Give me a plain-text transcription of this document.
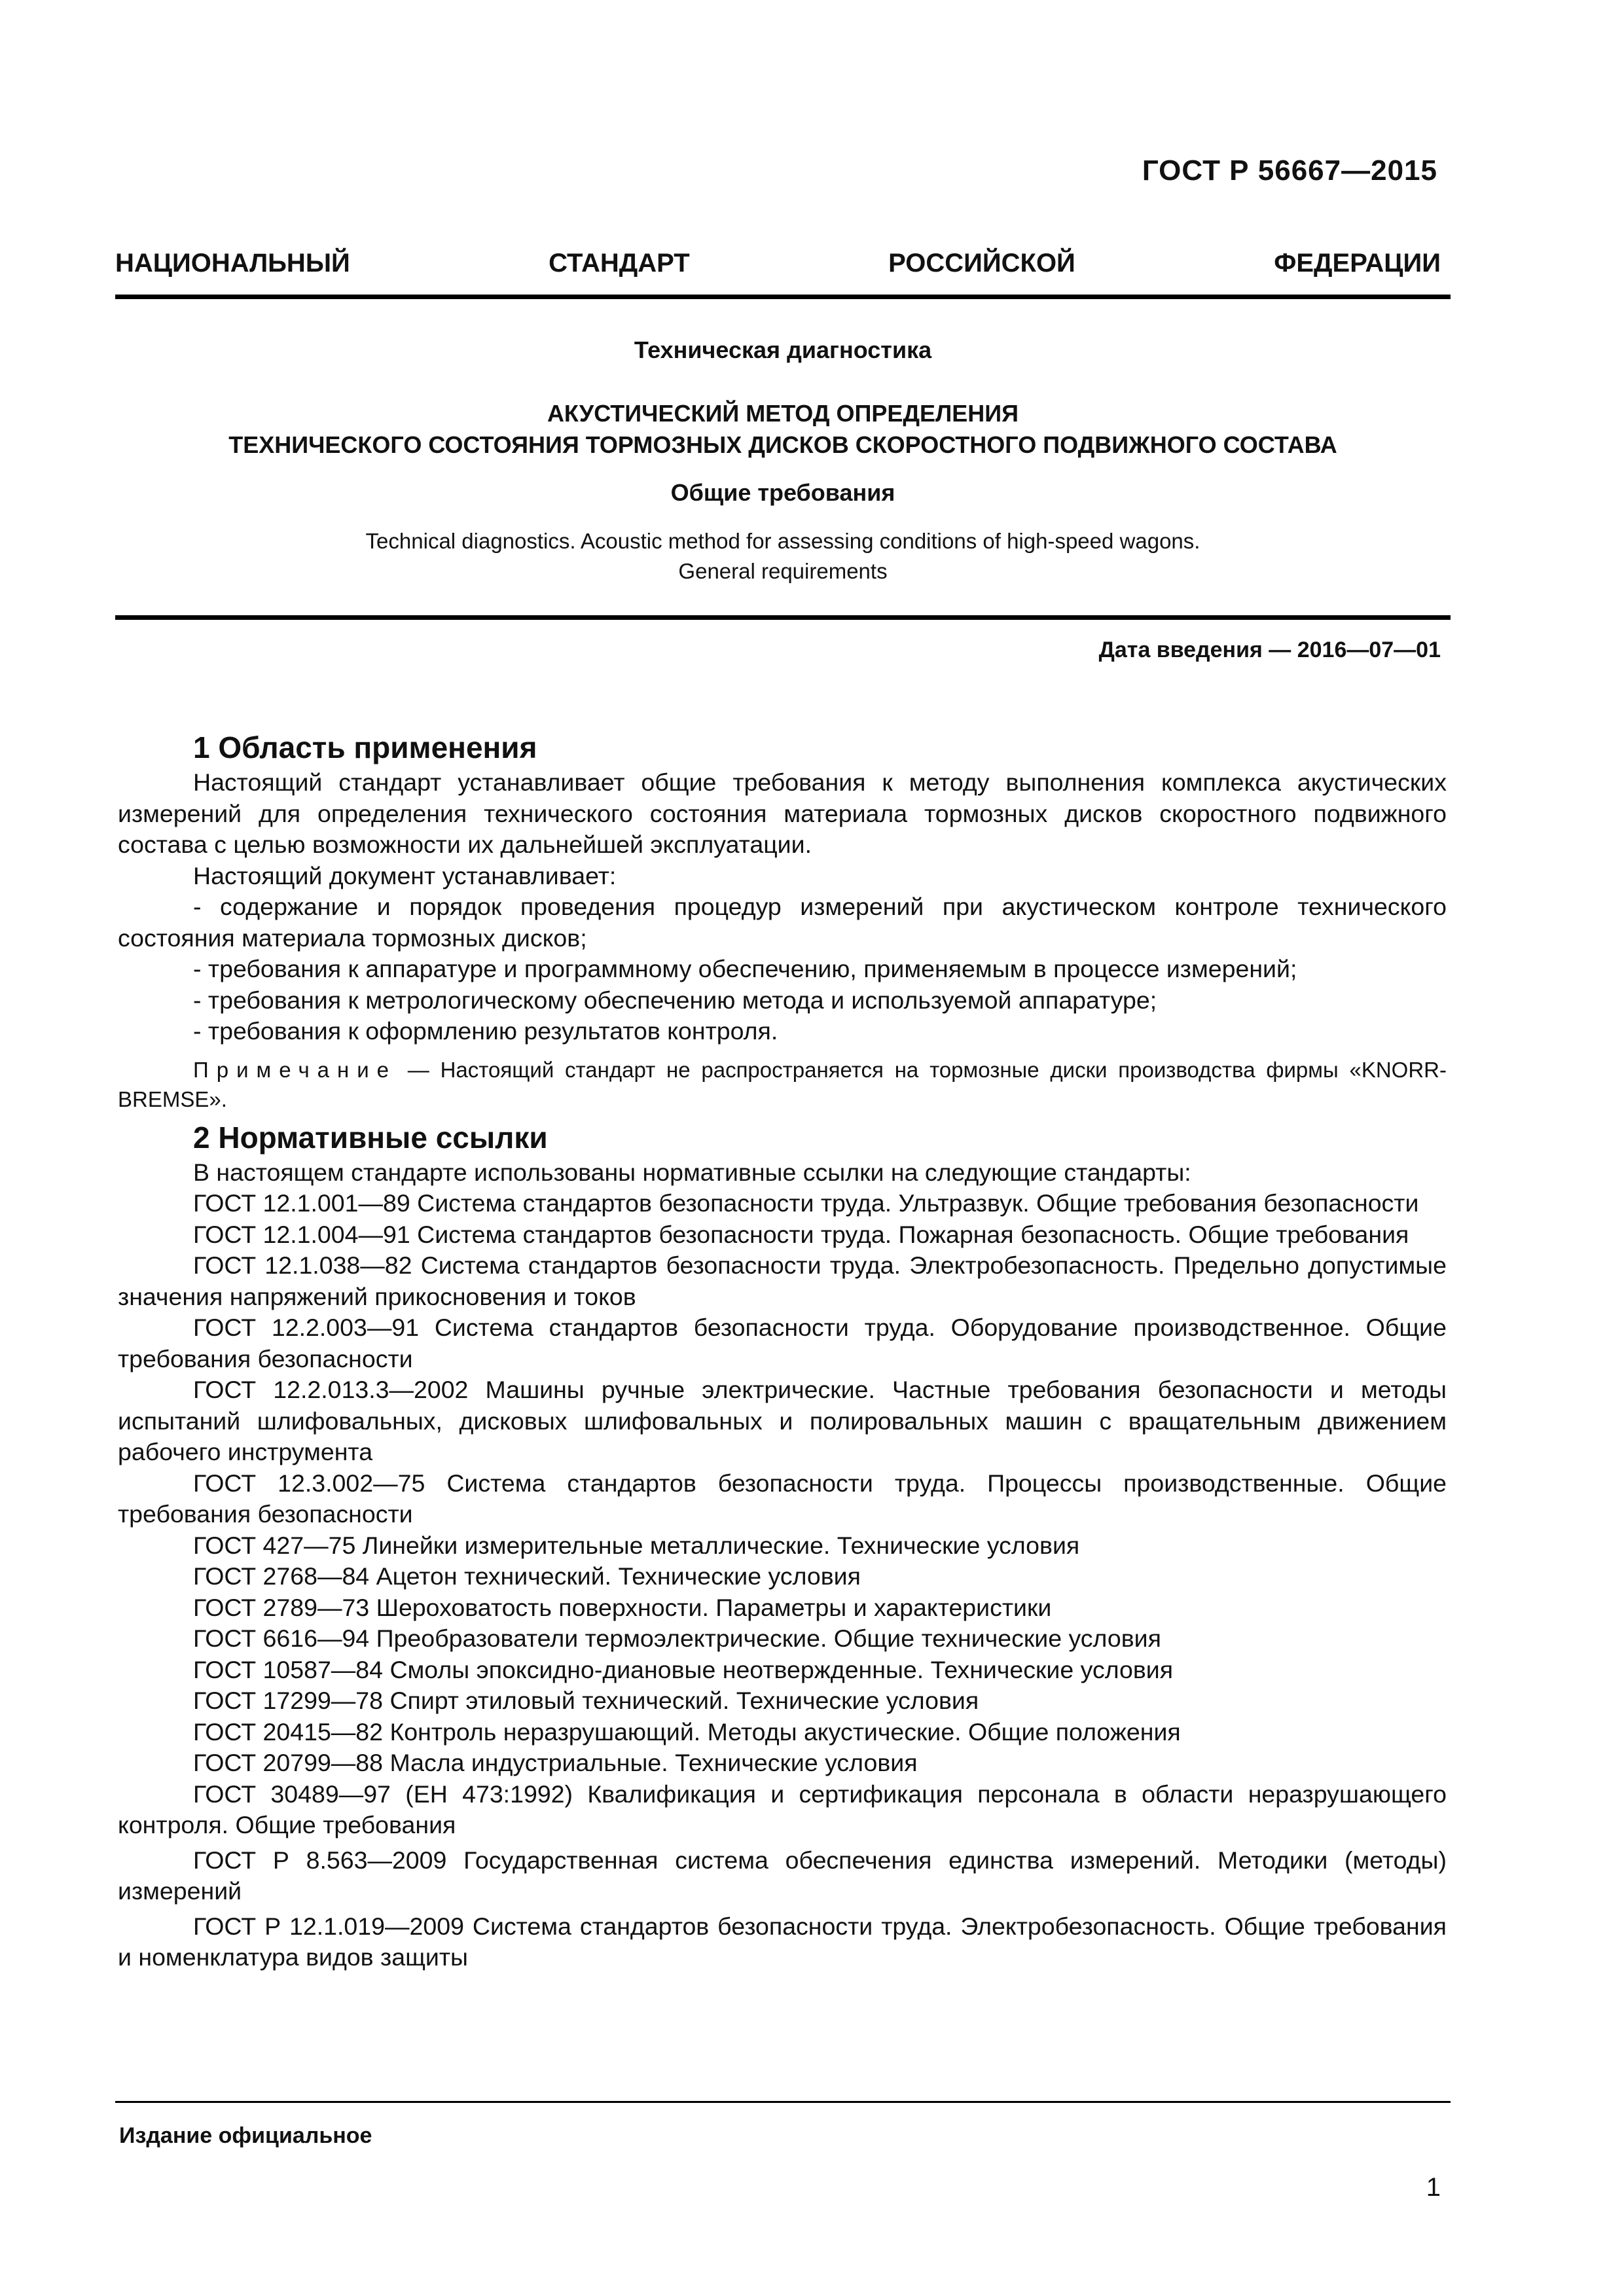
ГОСТ Р 56667—2015
НАЦИОНАЛЬНЫЙ СТАНДАРТ РОССИЙСКОЙ ФЕДЕРАЦИИ
Техническая диагностика
АКУСТИЧЕСКИЙ МЕТОД ОПРЕДЕЛЕНИЯ
ТЕХНИЧЕСКОГО СОСТОЯНИЯ ТОРМОЗНЫХ ДИСКОВ СКОРОСТНОГО ПОДВИЖНОГО СОСТАВА
Общие требования
Technical diagnostics. Acoustic method for assessing conditions of high-speed wagons.
General requirements
Дата введения — 2016—07—01
1 Область применения

Настоящий стандарт устанавливает общие требования к методу выполнения комплекса акустических измерений для определения технического состояния материала тормозных дисков скоростного подвижного состава с целью возможности их дальнейшей эксплуатации.

Настоящий документ устанавливает:

- содержание и порядок проведения процедур измерений при акустическом контроле технического состояния материала тормозных дисков;

- требования к аппаратуре и программному обеспечению, применяемым в процессе измерений;

- требования к метрологическому обеспечению метода и используемой аппаратуре;

- требования к оформлению результатов контроля.

Примечание — Настоящий стандарт не распространяется на тормозные диски производства фирмы «KNORR-BREMSE».

2 Нормативные ссылки

В настоящем стандарте использованы нормативные ссылки на следующие стандарты:

ГОСТ 12.1.001—89 Система стандартов безопасности труда. Ультразвук. Общие требования безопасности

ГОСТ 12.1.004—91 Система стандартов безопасности труда. Пожарная безопасность. Общие требования

ГОСТ 12.1.038—82 Система стандартов безопасности труда. Электробезопасность. Предельно допустимые значения напряжений прикосновения и токов

ГОСТ 12.2.003—91 Система стандартов безопасности труда. Оборудование производственное. Общие требования безопасности

ГОСТ 12.2.013.3—2002 Машины ручные электрические. Частные требования безопасности и методы испытаний шлифовальных, дисковых шлифовальных и полировальных машин с вращательным движением рабочего инструмента

ГОСТ 12.3.002—75 Система стандартов безопасности труда. Процессы производственные. Общие требования безопасности

ГОСТ 427—75 Линейки измерительные металлические. Технические условия

ГОСТ 2768—84 Ацетон технический. Технические условия

ГОСТ 2789—73 Шероховатость поверхности. Параметры и характеристики

ГОСТ 6616—94 Преобразователи термоэлектрические. Общие технические условия

ГОСТ 10587—84 Смолы эпоксидно-диановые неотвержденные. Технические условия

ГОСТ 17299—78 Спирт этиловый технический. Технические условия

ГОСТ 20415—82 Контроль неразрушающий. Методы акустические. Общие положения

ГОСТ 20799—88 Масла индустриальные. Технические условия

ГОСТ 30489—97 (ЕН 473:1992) Квалификация и сертификация персонала в области неразрушающего контроля. Общие требования

ГОСТ Р 8.563—2009 Государственная система обеспечения единства измерений. Методики (методы) измерений

ГОСТ Р 12.1.019—2009 Система стандартов безопасности труда. Электробезопасность. Общие требования и номенклатура видов защиты

Издание официальное
1
